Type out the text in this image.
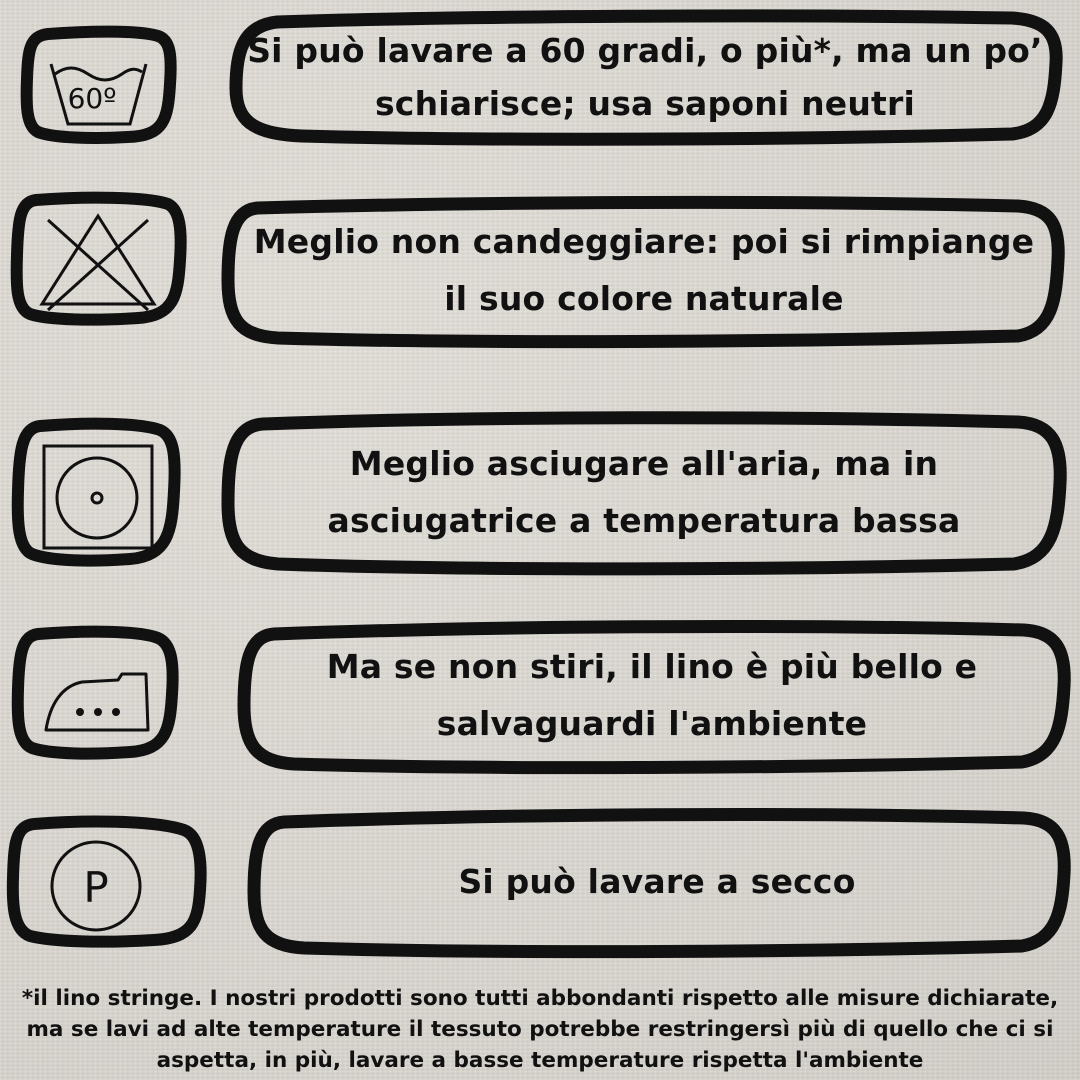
60º
Si può lavare a 60 gradi, o più*, ma un po’ schiarisce; usa saponi neutri
Meglio non candeggiare: poi si rimpiange il suo colore naturale
Meglio asciugare all'aria, ma in asciugatrice a temperatura bassa
Ma se non stiri, il lino è più bello e salvaguardi l'ambiente
P	Si può lavare a secco
*il lino stringe. I nostri prodotti sono tutti abbondanti rispetto alle misure dichiarate, ma se lavi ad alte temperature il tessuto potrebbe restringersì più di quello che ci si aspetta, in più, lavare a basse temperature rispetta l'ambiente
